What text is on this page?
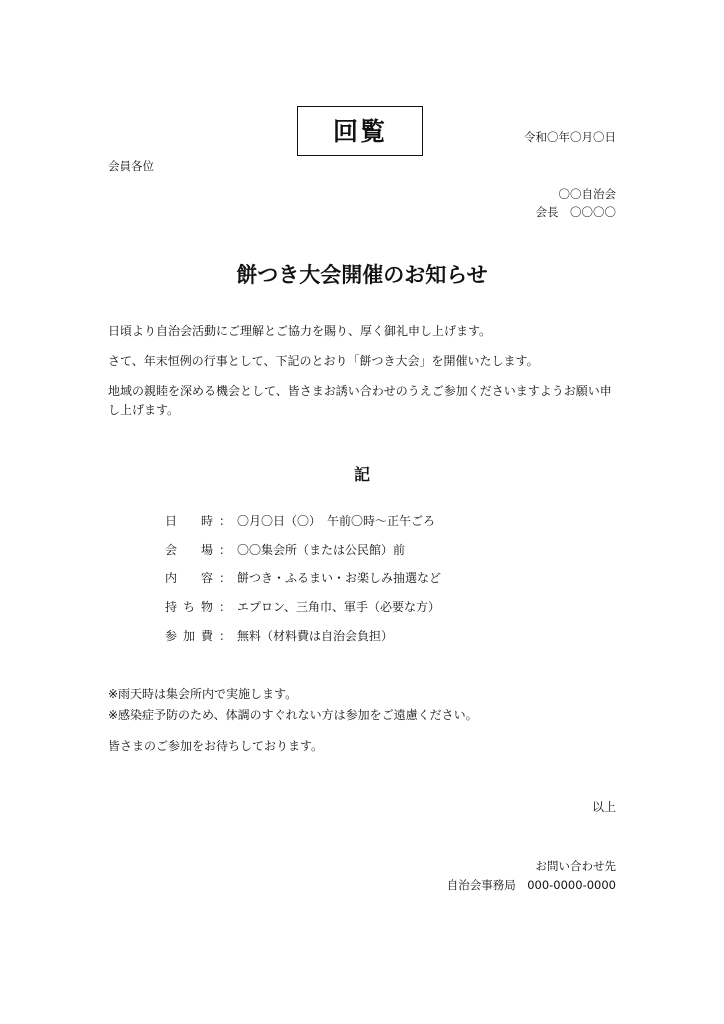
回覧	令和〇年〇月〇日
会員各位
〇〇自治会
会長　〇〇〇〇
餅つき大会開催のお知らせ
日頃より自治会活動にご理解とご協力を賜り、厚く御礼申し上げます。
さて、年末恒例の行事として、下記のとおり「餅つき大会」を開催いたします。
地域の親睦を深める機会として、皆さまお誘い合わせのうえご参加くださいますようお願い申し上げます。
記
日時 ： 〇月〇日（〇）　午前〇時～正午ごろ
会場 ： 〇〇集会所（または公民館）前
内容 ： 餅つき・ふるまい・お楽しみ抽選など
持ち物 ： エプロン、三角巾、軍手（必要な方）
参加費 ： 無料（材料費は自治会負担）
※雨天時は集会所内で実施します。
※感染症予防のため、体調のすぐれない方は参加をご遠慮ください。
皆さまのご参加をお待ちしております。
以上
お問い合わせ先
自治会事務局　 000-0000-0000
